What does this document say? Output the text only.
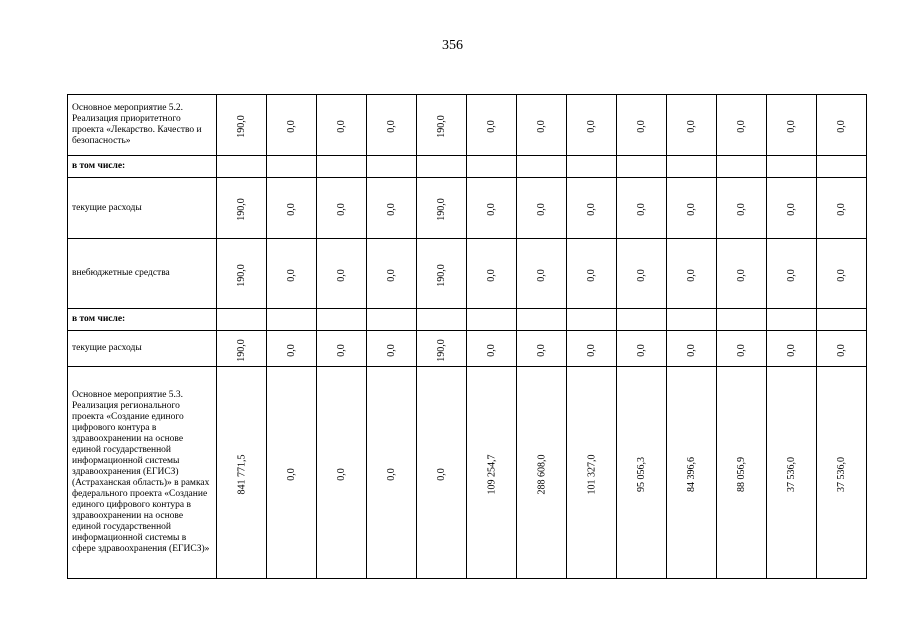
356
Основное мероприятие 5.2. Реализация приоритетного проекта «Лекарство. Качество и безопасность»	190,0	0,0	0,0	0,0	190,0	0,0	0,0	0,0	0,0	0,0	0,0	0,0	0,0
в том числе:													
текущие расходы	190,0	0,0	0,0	0,0	190,0	0,0	0,0	0,0	0,0	0,0	0,0	0,0	0,0
внебюджетные средства	190,0	0,0	0,0	0,0	190,0	0,0	0,0	0,0	0,0	0,0	0,0	0,0	0,0
в том числе:													
текущие расходы	190,0	0,0	0,0	0,0	190,0	0,0	0,0	0,0	0,0	0,0	0,0	0,0	0,0
Основное мероприятие 5.3. Реализация регионального проекта «Создание единого цифрового контура в здравоохранении на основе единой государственной информационной системы здравоохранения (ЕГИСЗ) (Астраханская область)» в рамках федерального проекта «Создание единого цифрового контура в здравоохранении на основе единой государственной информационной системы в сфере здравоохранения (ЕГИСЗ)»	841 771,5	0,0	0,0	0,0	0,0	109 254,7	288 608,0	101 327,0	95 056,3	84 396,6	88 056,9	37 536,0	37 536,0
